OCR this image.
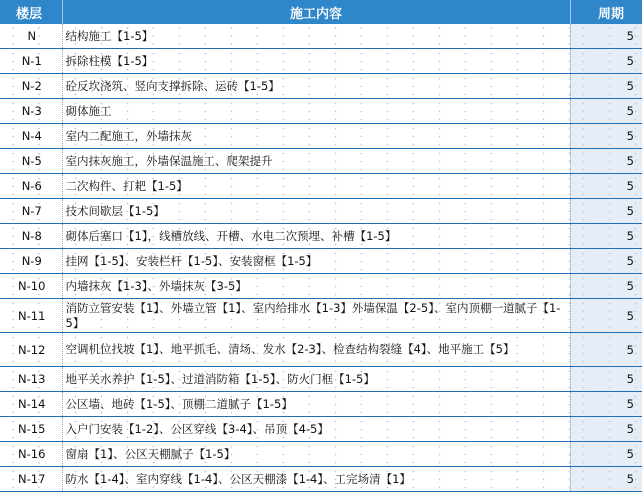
楼层	施工内容	周期
N	结构施工【1-5】	5
N-1	拆除柱模【1-5】	5
N-2	砼反坎浇筑、竖向支撑拆除、运砖【1-5】	5
N-3	砌体施工	5
N-4	室内二配施工，外墙抹灰	5
N-5	室内抹灰施工，外墙保温施工、爬架提升	5
N-6	二次构件、打耙【1-5】	5
N-7	技术间歇层【1-5】	5
N-8	砌体后塞口【1】，线槽放线、开槽、水电二次预埋、补槽【1-5】	5
N-9	挂网【1-5】、安装栏杆【1-5】、安装窗框【1-5】	5
N-10	内墙抹灰【1-3】、外墙抹灰【3-5】	5
N-11	消防立管安装【1】、外墙立管【1】、室内给排水【1-3】外墙保温【2-5】、室内顶棚一道腻子【1-5】	5
N-12	空调机位找坡【1】、地平抓毛、清场、发水【2-3】、检查结构裂缝【4】、地平施工【5】	5
N-13	地平关水养护【1-5】、过道消防箱【1-5】、防火门框【1-5】	5
N-14	公区墙、地砖【1-5】、顶棚二道腻子【1-5】	5
N-15	入户门安装【1-2】、公区穿线【3-4】、吊顶【4-5】	5
N-16	窗扇【1】、公区天棚腻子【1-5】	5
N-17	防水【1-4】、室内穿线【1-4】、公区天棚漆【1-4】、工完场清【1】	5
